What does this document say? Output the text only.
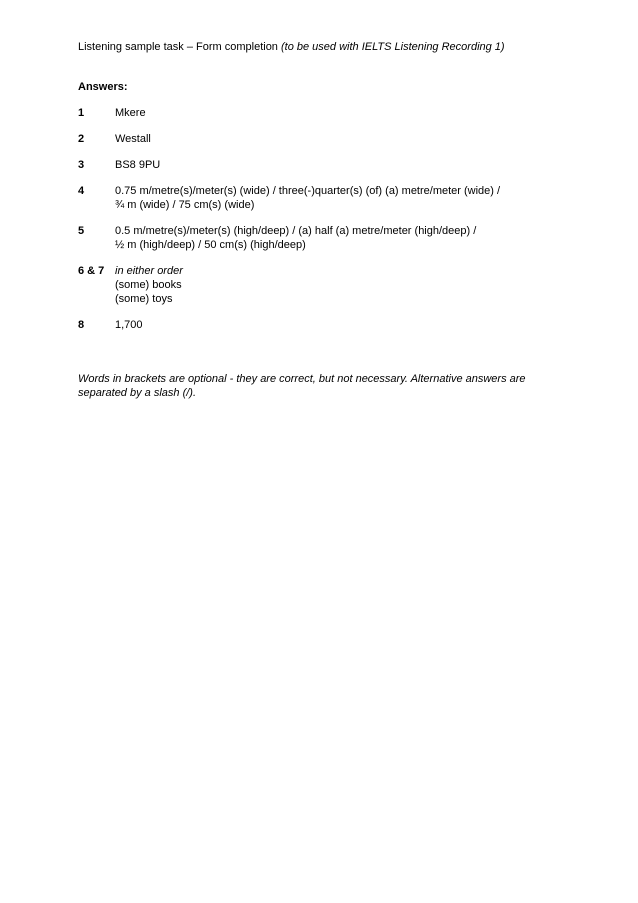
Listening sample task – Form completion (to be used with IELTS Listening Recording 1)
Answers:
1	Mkere
2	Westall
3	BS8 9PU
4	0.75 m/metre(s)/meter(s) (wide) / three(-)quarter(s) (of) (a) metre/meter (wide) /
¾ m (wide) / 75 cm(s) (wide)
5	0.5 m/metre(s)/meter(s) (high/deep) / (a) half (a) metre/meter (high/deep) /
½ m (high/deep) / 50 cm(s) (high/deep)
6 & 7 in either order
(some) books
(some) toys
8	1,700
Words in brackets are optional - they are correct, but not necessary. Alternative answers are separated by a slash (/).
